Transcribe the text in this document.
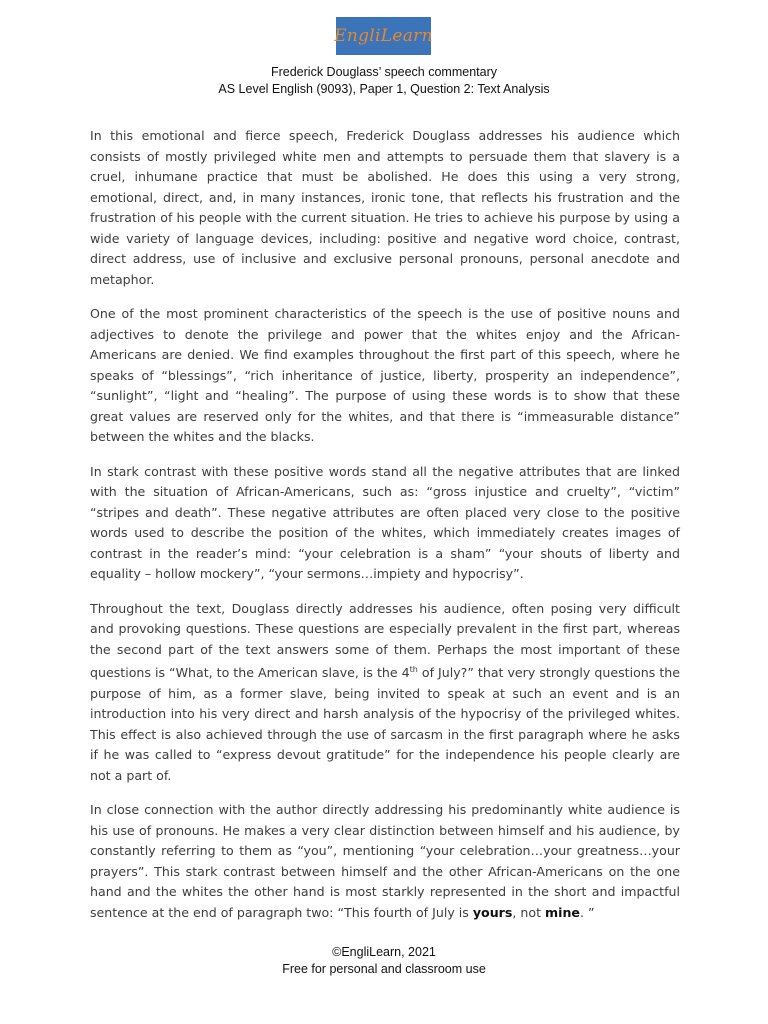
EngliLearn
Frederick Douglass’ speech commentary
AS Level English (9093), Paper 1, Question 2: Text Analysis

In this emotional and fierce speech, Frederick Douglass addresses his audience which consists of mostly privileged white men and attempts to persuade them that slavery is a cruel, inhumane practice that must be abolished. He does this using a very strong, emotional, direct, and, in many instances, ironic tone, that reflects his frustration and the frustration of his people with the current situation. He tries to achieve his purpose by using a wide variety of language devices, including: positive and negative word choice, contrast, direct address, use of inclusive and exclusive personal pronouns, personal anecdote and metaphor.

One of the most prominent characteristics of the speech is the use of positive nouns and adjectives to denote the privilege and power that the whites enjoy and the African-Americans are denied. We find examples throughout the first part of this speech, where he speaks of “blessings”, “rich inheritance of justice, liberty, prosperity an independence”, “sunlight”, “light and “healing”. The purpose of using these words is to show that these great values are reserved only for the whites, and that there is “immeasurable distance” between the whites and the blacks.

In stark contrast with these positive words stand all the negative attributes that are linked with the situation of African-Americans, such as: “gross injustice and cruelty”, “victim” “stripes and death”. These negative attributes are often placed very close to the positive words used to describe the position of the whites, which immediately creates images of contrast in the reader’s mind: “your celebration is a sham” “your shouts of liberty and equality – hollow mockery”, “your sermons…impiety and hypocrisy”.

Throughout the text, Douglass directly addresses his audience, often posing very difficult and provoking questions. These questions are especially prevalent in the first part, whereas the second part of the text answers some of them. Perhaps the most important of these questions is “What, to the American slave, is the 4th of July?” that very strongly questions the purpose of him, as a former slave, being invited to speak at such an event and is an introduction into his very direct and harsh analysis of the hypocrisy of the privileged whites. This effect is also achieved through the use of sarcasm in the first paragraph where he asks if he was called to “express devout gratitude” for the independence his people clearly are not a part of.

In close connection with the author directly addressing his predominantly white audience is his use of pronouns. He makes a very clear distinction between himself and his audience, by constantly referring to them as “you”, mentioning “your celebration…your greatness…your prayers”. This stark contrast between himself and the other African-Americans on the one hand and the whites the other hand is most starkly represented in the short and impactful sentence at the end of paragraph two: “This fourth of July is yours, not mine. ”

©EngliLearn, 2021
Free for personal and classroom use
